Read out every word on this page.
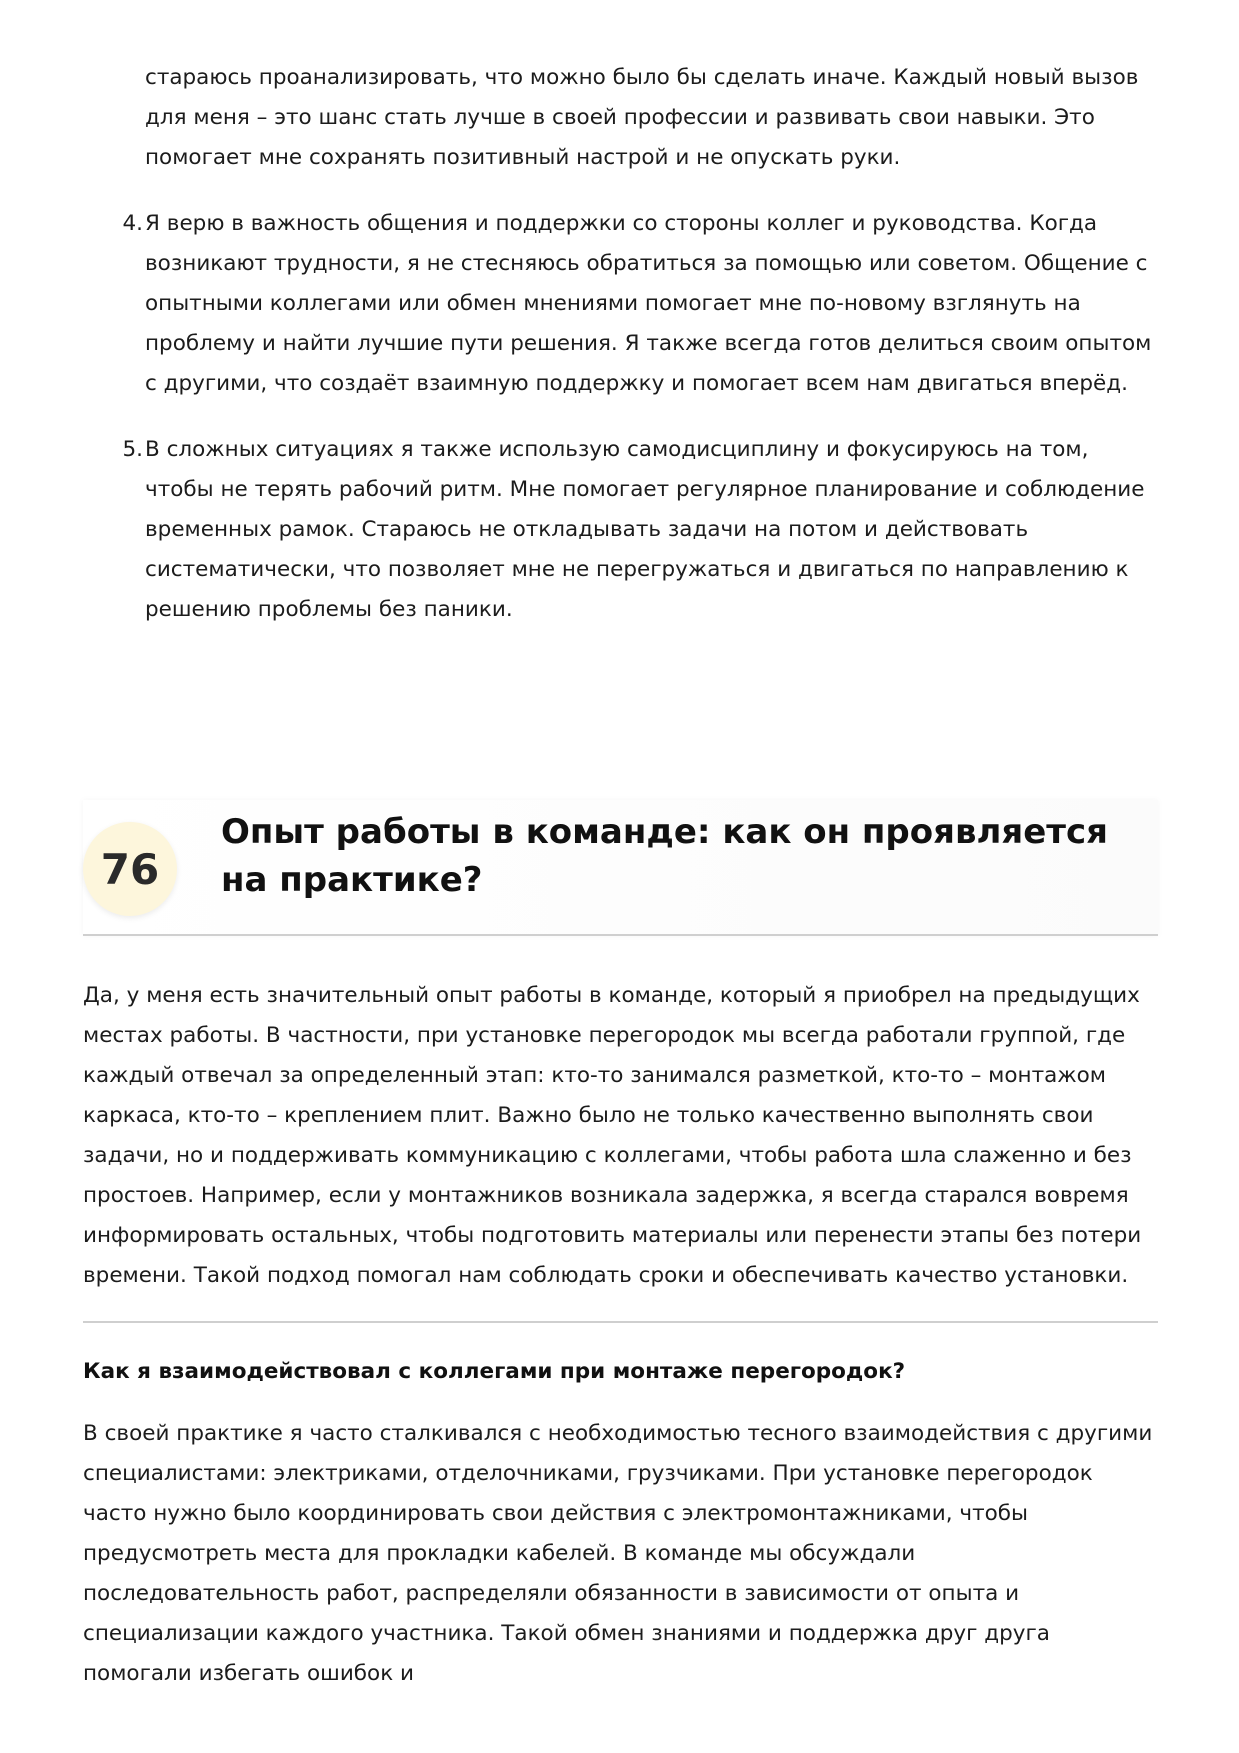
стараюсь проанализировать, что можно было бы сделать иначе. Каждый новый вызов для меня – это шанс стать лучше в своей профессии и развивать свои навыки. Это помогает мне сохранять позитивный настрой и не опускать руки.

4. Я верю в важность общения и поддержки со стороны коллег и руководства. Когда возникают трудности, я не стесняюсь обратиться за помощью или советом. Общение с опытными коллегами или обмен мнениями помогает мне по-новому взглянуть на проблему и найти лучшие пути решения. Я также всегда готов делиться своим опытом с другими, что создаёт взаимную поддержку и помогает всем нам двигаться вперёд.
5. В сложных ситуациях я также использую самодисциплину и фокусируюсь на том, чтобы не терять рабочий ритм. Мне помогает регулярное планирование и соблюдение временных рамок. Стараюсь не откладывать задачи на потом и действовать систематически, что позволяет мне не перегружаться и двигаться по направлению к решению проблемы без паники.
76
Опыт работы в команде: как он проявляется на практике?

Да, у меня есть значительный опыт работы в команде, который я приобрел на предыдущих местах работы. В частности, при установке перегородок мы всегда работали группой, где каждый отвечал за определенный этап: кто-то занимался разметкой, кто-то – монтажом каркаса, кто-то – креплением плит. Важно было не только качественно выполнять свои задачи, но и поддерживать коммуникацию с коллегами, чтобы работа шла слаженно и без простоев. Например, если у монтажников возникала задержка, я всегда старался вовремя информировать остальных, чтобы подготовить материалы или перенести этапы без потери времени. Такой подход помогал нам соблюдать сроки и обеспечивать качество установки.

Как я взаимодействовал с коллегами при монтаже перегородок?

В своей практике я часто сталкивался с необходимостью тесного взаимодействия с другими специалистами: электриками, отделочниками, грузчиками. При установке перегородок часто нужно было координировать свои действия с электромонтажниками, чтобы предусмотреть места для прокладки кабелей. В команде мы обсуждали последовательность работ, распределяли обязанности в зависимости от опыта и специализации каждого участника. Такой обмен знаниями и поддержка друг друга помогали избегать ошибок и
